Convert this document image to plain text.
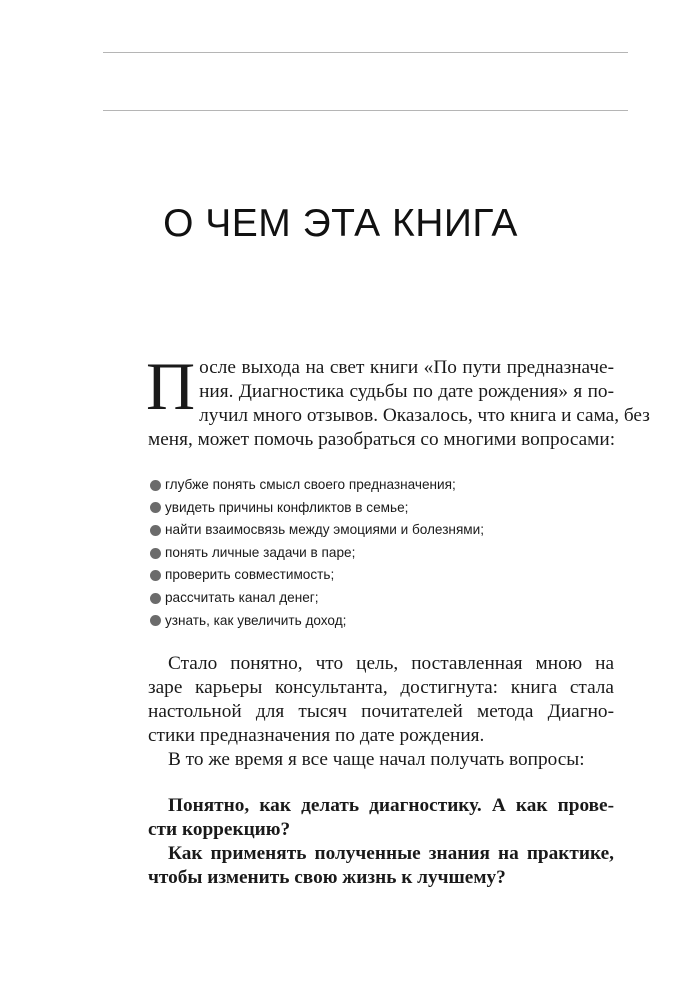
О ЧЕМ ЭТА КНИГА
П осле выхода на свет книги «По пути предназначе-
ния. Диагностика судьбы по дате рождения» я по-
лучил много отзывов. Оказалось, что книга и сама, без
меня, может помочь разобраться со многими вопросами:
глубже понять смысл своего предназначения;
увидеть причины конфликтов в семье;
найти взаимосвязь между эмоциями и болезнями;
понять личные задачи в паре;
проверить совместимость;
рассчитать канал денег;
узнать, как увеличить доход;
Стало понятно, что цель, поставленная мною на
заре карьеры консультанта, достигнута: книга стала
настольной для тысяч почитателей метода Диагно-
стики предназначения по дате рождения.
В то же время я все чаще начал получать вопросы:
Понятно, как делать диагностику. А как прове-
сти коррекцию?
Как применять полученные знания на практике,
чтобы изменить свою жизнь к лучшему?
